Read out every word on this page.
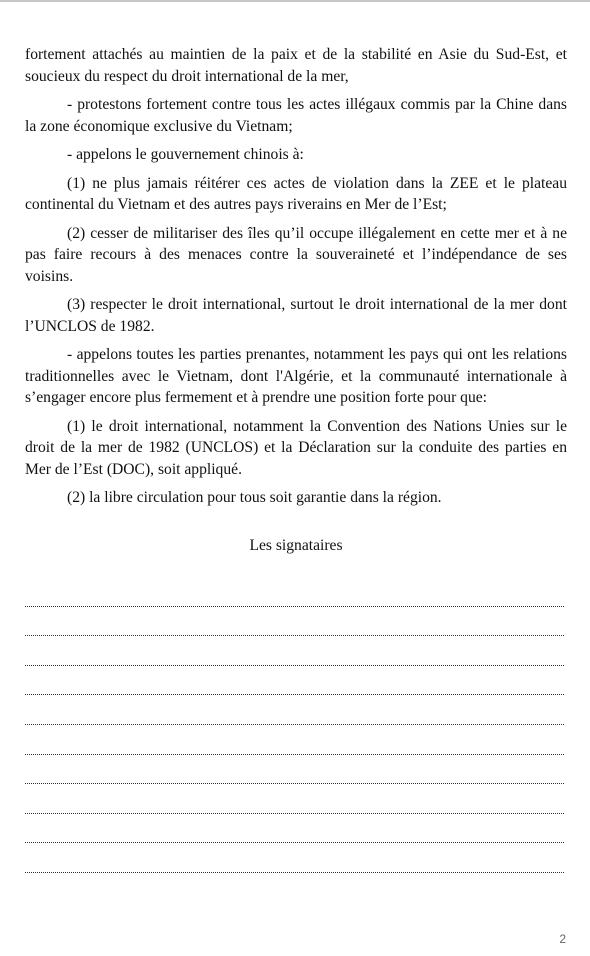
fortement attachés au maintien de la paix et de la stabilité en Asie du Sud-Est, et soucieux du respect du droit international de la mer,

- protestons fortement contre tous les actes illégaux commis par la Chine dans la zone économique exclusive du Vietnam;

- appelons le gouvernement chinois à:

(1) ne plus jamais réitérer ces actes de violation dans la ZEE et le plateau continental du Vietnam et des autres pays riverains en Mer de l’Est;

(2) cesser de militariser des îles qu’il occupe illégalement en cette mer et à ne pas faire recours à des menaces contre la souveraineté et l’indépendance de ses voisins.

(3) respecter le droit international, surtout le droit international de la mer dont l’UNCLOS de 1982.

- appelons toutes les parties prenantes, notamment les pays qui ont les relations traditionnelles avec le Vietnam, dont l'Algérie, et la communauté internationale à s’engager encore plus fermement et à prendre une position forte pour que:

(1) le droit international, notamment la Convention des Nations Unies sur le droit de la mer de 1982 (UNCLOS) et la Déclaration sur la conduite des parties en Mer de l’Est (DOC), soit appliqué.

(2) la libre circulation pour tous soit garantie dans la région.

Les signataires
2
